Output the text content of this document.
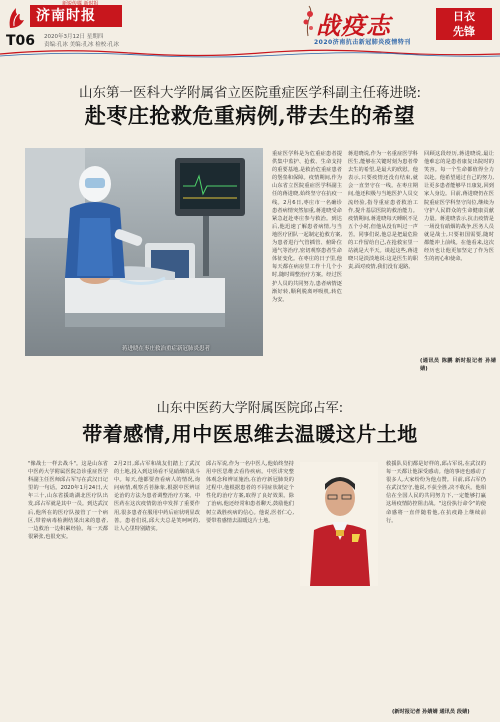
济南时报
新锐传媒 新时报
T06 2020年3月12日 星期四
责编:孔冰 美编:孔冰 检校:孔冰
战疫志	日衣
先锋
2020济南抗击新冠肺炎疫情特刊
山东第一医科大学附属省立医院重症医学科副主任蒋进晓:
赴枣庄抢救危重病例,带去生的希望
蒋进晓在枣庄救治重症新冠肺炎患者
重症医学科是为危重症患者提供集中监护、抢救、生命支持的重要基地,是救治危重症患者的堡垒和保障。疫情期间,作为山东省立医院重症医学科副主任的蒋进晓,始终坚守在抗疫一线。2月6日,枣庄市一名确诊患者病情突然加重,蒋进晓受命紧急赶赴枣庄参与救治。到达后,他迅速了解患者病情,与当地医疗团队一起制定抢救方案,为患者进行气管插管、俯卧位通气等治疗,密切观察患者生命体征变化。在枣庄的日子里,他每天都在病房里工作十几个小时,随时调整治疗方案。经过医护人员的共同努力,患者病情逐渐好转,顺利脱离呼吸机,转危为安。
蒋进晓说,作为一名重症医学科医生,能够在关键时刻为患者带去生的希望,是最大的欣慰。他表示,只要疫情还没有结束,就会一直坚守在一线。在枣庄期间,他还积极与当地医护人员交流经验,指导重症患者救治工作,提升基层医院的救治能力。疫情期间,蒋进晓每天睡眠不足五个小时,但他从没有叫过一声苦。同事们说,他总是把最危险的工作留给自己,在抢救室里一站就是大半天。谈起这些,蒋进晓只是淡淡地说:这是医生的职责,面对疫情,我们没有退路。
回顾这段经历,蒋进晓说,最让他难忘的是患者康复出院时的笑容。每一个生命都值得全力以赴。他希望通过自己的努力,让更多患者能够早日康复,回到家人身边。目前,蒋进晓仍在医院重症医学科坚守岗位,继续为守护人民群众的生命健康贡献力量。蒋进晓表示,抗击疫情是一场没有硝烟的战争,医务人员就是战士,只要祖国需要,随时都能冲上前线。在他看来,这次经历也让他更加坚定了作为医生的初心和使命。
(通讯员 陈鹏 新时报记者 孙婧婧)
山东中医药大学附属医院邱占军:
带着感情,用中医思维去温暖这片土地
"像战士一样去战斗"。这是山东省中医药大学附属医院急诊重症医学科副主任医师邱占军写在武汉日记里的一句话。2020年1月24日,大年三十,山东省援助湖北医疗队出发,邱占军就是其中一员。到达武汉后,他所在的医疗队接管了一个病区,带着病毒检测结果出来的患者,一边救治一边积累经验。每一天都很紧张,也很充实。
2月2日,邱占军和战友们踏上了武汉的土地,投入到这场看不见硝烟的战斗中。每天,他都要查看病人的情况,询问病情,观察舌苔脉象,根据中医辨证论治的方法为患者调整治疗方案。中医药在这次疫情防治中发挥了重要作用,很多患者在服用中药后症状明显改善。患者们说,邱大夫总是笑呵呵的,让人心里特别踏实。
邱占军说,作为一名中医人,他始终坚持用中医思维去看待疾病。中医讲究整体观念和辨证施治,在治疗新冠肺炎的过程中,他根据患者的不同症状制定个性化的治疗方案,取得了良好效果。除了治病,他还经常和患者聊天,鼓励他们树立战胜疾病的信心。他说,医者仁心,要带着感情去温暖这片土地。
救援队员们都是好样的,邱占军说,在武汉的每一天都让他深受感动。他的事迹也感动了很多人,大家纷纷为他点赞。目前,邱占军仍在武汉坚守,他说,不获全胜,决不收兵。他相信在全国人民的共同努力下,一定能够打赢这场疫情防控阻击战。"这份执行命令"的使命感将一直伴随着他,在抗疫路上继续前行。
(新时报记者 孙婧婧 通讯员 段婧)
